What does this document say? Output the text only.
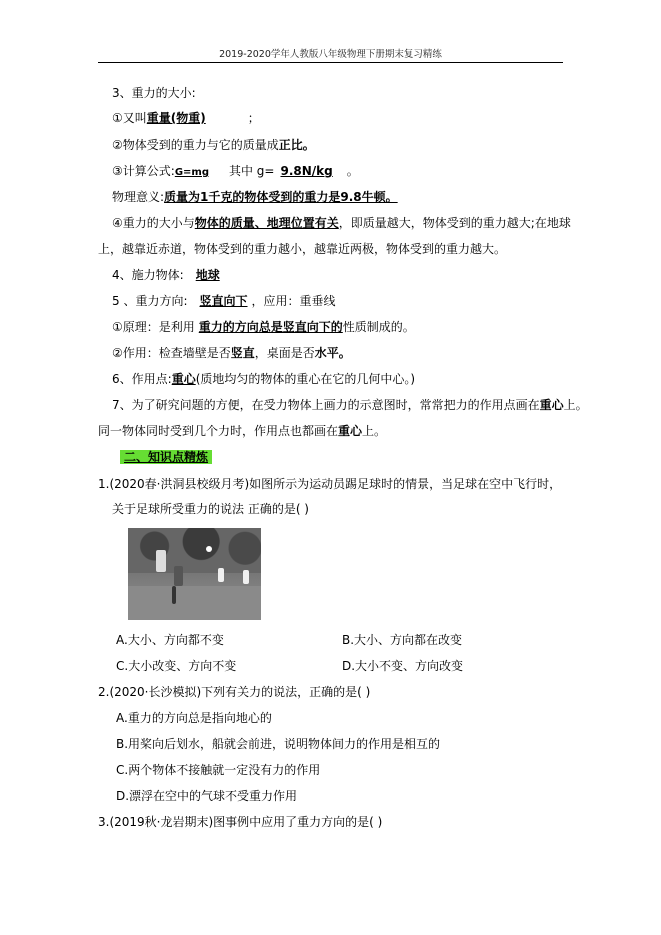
2019-2020学年人教版八年级物理下册期末复习精练
3、重力的大小:
①又叫重量(物重)	；
②物体受到的重力与它的质量成正比。
③计算公式:G=mg 其中 g= 9.8N/kg 。
物理意义:质量为1千克的物体受到的重力是9.8牛顿。
④重力的大小与物体的质量、地理位置有关，即质量越大，物体受到的重力越大;在地球
上，越靠近赤道，物体受到的重力越小，越靠近两极，物体受到的重力越大。
4、施力物体: 地球
5 、重力方向: 竖直向下 ，应用：重垂线
①原理：是利用 重力的方向总是竖直向下的性质制成的。
②作用：检查墙壁是否竖直，桌面是否水平。
6、作用点:重心(质地均匀的物体的重心在它的几何中心。)
7、为了研究问题的方便，在受力物体上画力的示意图时，常常把力的作用点画在重心上。
同一物体同时受到几个力时，作用点也都画在重心上。
二、知识点精炼
1.(2020春·洪洞县校级月考)如图所示为运动员踢足球时的情景，当足球在空中飞行时，
关于足球所受重力的说法 正确的是( )
A.大小、方向都不变	B.大小、方向都在改变
C.大小改变、方向不变	D.大小不变、方向改变
2.(2020·长沙模拟)下列有关力的说法，正确的是( )
A.重力的方向总是指向地心的
B.用桨向后划水，船就会前进，说明物体间力的作用是相互的
C.两个物体不接触就一定没有力的作用
D.漂浮在空中的气球不受重力作用
3.(2019秋·龙岩期末)图事例中应用了重力方向的是( )
